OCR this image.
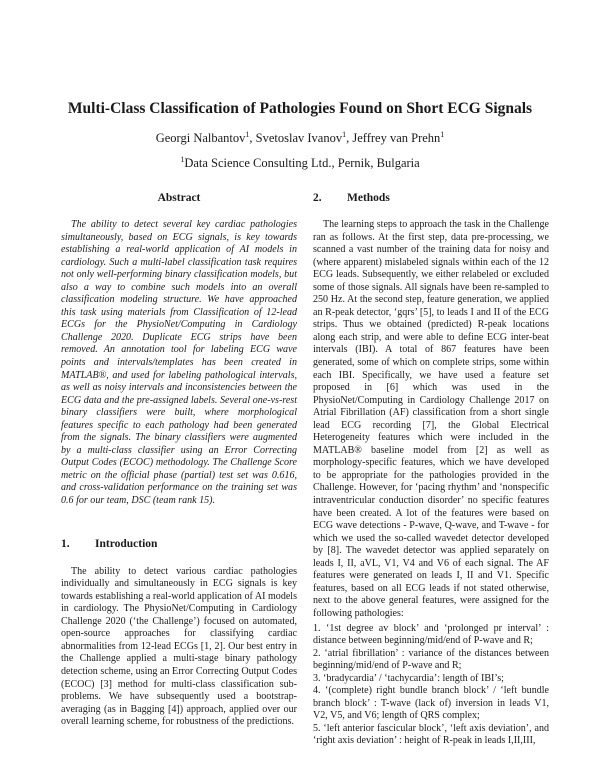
Multi-Class Classification of Pathologies Found on Short ECG Signals
Georgi Nalbantov$^1$, Svetoslav Ivanov$^1$, Jeffrey van Prehn$^1$
$^1$Data Science Consulting Ltd., Pernik, Bulgaria
Abstract

The ability to detect several key cardiac pathologies simultaneously, based on ECG signals, is key towards establishing a real-world application of AI models in cardiology. Such a multi-label classification task requires not only well-performing binary classification models, but also a way to combine such models into an overall classification modeling structure. We have approached this task using materials from Classification of 12-lead ECGs for the PhysioNet/Computing in Cardiology Challenge 2020. Duplicate ECG strips have been removed. An annotation tool for labeling ECG wave points and intervals/templates has been created in MATLAB®, and used for labeling pathological intervals, as well as noisy intervals and inconsistencies between the ECG data and the pre-assigned labels. Several one-vs-rest binary classifiers were built, where morphological features specific to each pathology had been generated from the signals. The binary classifiers were augmented by a multi-class classifier using an Error Correcting Output Codes (ECOC) methodology. The Challenge Score metric on the official phase (partial) test set was 0.616, and cross-validation performance on the training set was 0.6 for our team, DSC (team rank 15).

1. Introduction

The ability to detect various cardiac pathologies individually and simultaneously in ECG signals is key towards establishing a real-world application of AI models in cardiology. The PhysioNet/Computing in Cardiology Challenge 2020 (‘the Challenge’) focused on automated, open-source approaches for classifying cardiac abnormalities from 12-lead ECGs [1, 2]. Our best entry in the Challenge applied a multi-stage binary pathology detection scheme, using an Error Correcting Output Codes (ECOC) [3] method for multi-class classification sub-problems. We have subsequently used a bootstrap-averaging (as in Bagging [4]) approach, applied over our overall learning scheme, for robustness of the predictions.

2. Methods

The learning steps to approach the task in the Challenge ran as follows. At the first step, data pre-processing, we scanned a vast number of the training data for noisy and (where apparent) mislabeled signals within each of the 12 ECG leads. Subsequently, we either relabeled or excluded some of those signals. All signals have been re-sampled to 250 Hz. At the second step, feature generation, we applied an R-peak detector, ‘gqrs’ [5], to leads I and II of the ECG strips. Thus we obtained (predicted) R-peak locations along each strip, and were able to define ECG inter-beat intervals (IBI). A total of 867 features have been generated, some of which on complete strips, some within each IBI. Specifically, we have used a feature set proposed in [6] which was used in the PhysioNet/Computing in Cardiology Challenge 2017 on Atrial Fibrillation (AF) classification from a short single lead ECG recording [7], the Global Electrical Heterogeneity features which were included in the MATLAB® baseline model from [2] as well as morphology-specific features, which we have developed to be appropriate for the pathologies provided in the Challenge. However, for ‘pacing rhythm’ and ‘nonspecific intraventricular conduction disorder’ no specific features have been created. A lot of the features were based on ECG wave detections - P-wave, Q-wave, and T-wave - for which we used the so-called wavedet detector developed by [8]. The wavedet detector was applied separately on leads I, II, aVL, V1, V4 and V6 of each signal. The AF features were generated on leads I, II and V1. Specific features, based on all ECG leads if not stated otherwise, next to the above general features, were assigned for the following pathologies:

1. ‘1st degree av block’ and ‘prolonged pr interval’ : distance between beginning/mid/end of P-wave and R;
2. ‘atrial fibrillation’ : variance of the distances between beginning/mid/end of P-wave and R;
3. ‘bradycardia’ / ‘tachycardia’: length of IBI’s;
4. ‘(complete) right bundle branch block’ / ‘left bundle branch block’ : T-wave (lack of) inversion in leads V1, V2, V5, and V6; length of QRS complex;
5. ‘left anterior fascicular block’, ‘left axis deviation’, and ‘right axis deviation’ : height of R-peak in leads I,II,III,
